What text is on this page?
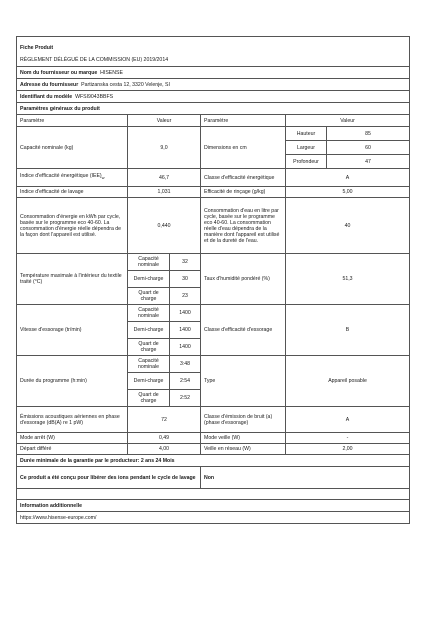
Fiche Produit					
RÈGLEMENT DÉLÉGUÉ DE LA COMMISSION (EU) 2019/2014					
Nom du fournisseur ou marque HISENSE					
Adresse du fournisseur Partizanska cesta 12, 3320 Velenje, SI					
Identifiant du modèle WFSI9043BBFS					
Paramètres généraux du produit					
Paramètre	Valeur		Paramètre	Valeur	
Capacité nominale (kg)	9,0		Dimensions en cm	Hauteur	85
				Largeur	60
				Profondeur	47
Indice d'efficacité énergétique $(IEE)_w$	46,7		Classe d'efficacité énergétique	A	
Indice d'efficacité de lavage	1,031		Efficacité de rinçage (g/kg)	5,00	
Consommation d'énergie en kWh par cycle, basée sur le programme eco 40-60. La consommation d'énergie réelle dépendra de la façon dont l'appareil est utilisé.	0,440		Consommation d'eau en litre par cycle, basée sur le programme eco 40-60. La consommation réelle d'eau dépendra de la manière dont l'appareil est utilisé et de la dureté de l'eau.	40	
Température maximale à l'intérieur du textile traité (°C)	Capacité nominale	32	Taux d'humidité pondéré (%)	51,3	
	Demi-charge	30			
	Quart de charge	23			
Vitesse d'essorage (tr/min)	Capacité nominale	1400	Classe d'efficacité d'essorage	B	
	Demi-charge	1400			
	Quart de charge	1400			
Durée du programme (h:min)	Capacité nominale	3:48	Type	Appareil posable	
	Demi-charge	2:54			
	Quart de charge	2:52			
Émissions acoustiques aériennes en phase d'essorage (dB(A) re 1 pW)	72		Classe d'émission de bruit (a) (phase d'essorage)	A	
Mode arrêt (W)	0,49		Mode veille (W)	-	
Départ différé	4,00		Veille en réseau (W)	2,00	
Durée minimale de la garantie par le producteur: 2 ans 24 Mois					
Ce produit a été conçu pour libérer des ions pendant le cycle de lavage			Non		

Information additionnelle					
https://www.hisense-europe.com/					
